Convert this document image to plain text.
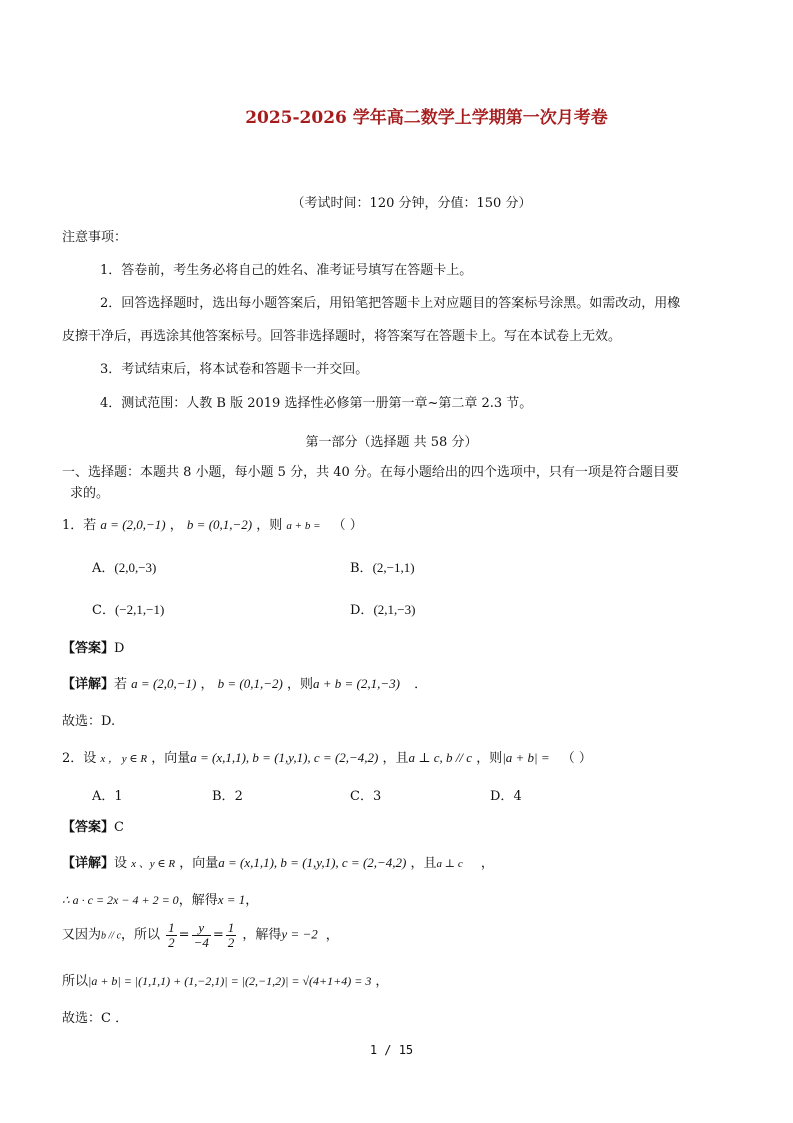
2025-2026 学年高二数学上学期第一次月考卷
（考试时间：120 分钟，分值：150 分）
注意事项：
1．答卷前，考生务必将自己的姓名、准考证号填写在答题卡上。
2．回答选择题时，选出每小题答案后，用铅笔把答题卡上对应题目的答案标号涂黑。如需改动，用橡
皮擦干净后，再选涂其他答案标号。回答非选择题时，将答案写在答题卡上。写在本试卷上无效。
3．考试结束后，将本试卷和答题卡一并交回。
4．测试范围：人教 B 版 2019 选择性必修第一册第一章~第二章 2.3 节。
第一部分（选择题 共 58 分）
一、选择题：本题共 8 小题，每小题 5 分，共 40 分。在每小题给出的四个选项中，只有一项是符合题目要
求的。
1．若 a = (2,0,−1) ， b = (0,1,−2) ，则 a + b = （ ）
A．(2,0,−3)	B．(2,−1,1)
C．(−2,1,−1)	D．(2,1,−3)
【答案】D
【详解】若 a = (2,0,−1) ， b = (0,1,−2) ，则a + b = (2,1,−3) ．
故选：D.
2．设 x ， y ∈ R ，向量a = (x,1,1), b = (1,y,1), c = (2,−4,2) ，且a ⊥ c, b // c ，则|a + b| = （ ）
A．1	B．2	C．3	D．4
【答案】C
【详解】设 x 、y ∈ R ，向量a = (x,1,1), b = (1,y,1), c = (2,−4,2) ，且a ⊥ c ，
∴ a · c = 2x − 4 + 2 = 0，解得x = 1，
又因为b // c，所以 $\frac{1}{2} = \frac{y}{-4} = \frac{1}{2}$ ，解得y = −2 ，
所以|a + b| = |(1,1,1) + (1,−2,1)| = |(2,−1,2)| = √(4+1+4) = 3 ，
故选：C ．
1 / 15
